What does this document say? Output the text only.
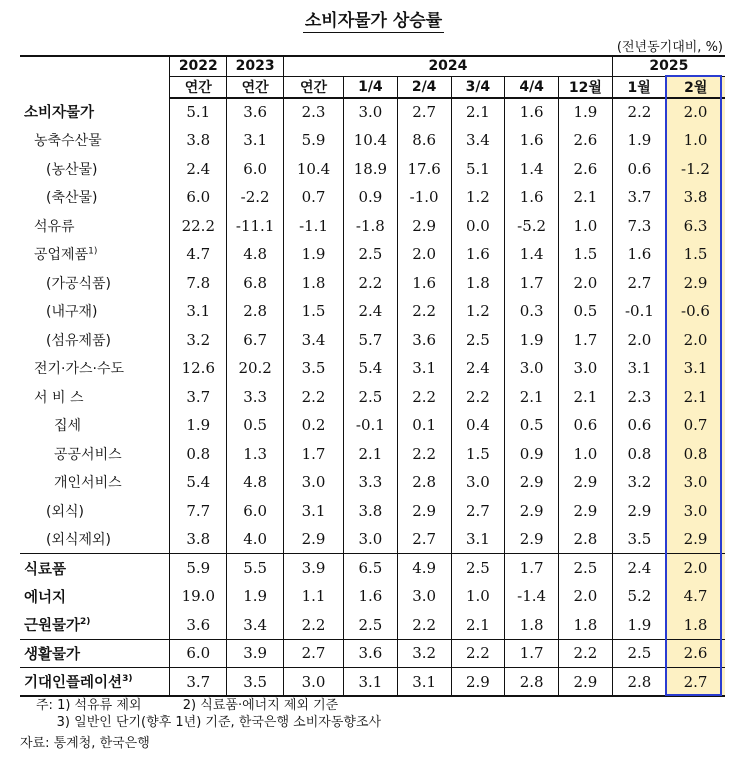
소비자물가 상승률
(전년동기대비, %)
	2022	2023	2024						2025	
	연간	연간	연간	1/4	2/4	3/4	4/4	12월	1월	2월
소비자물가	5.1	3.6	2.3	3.0	2.7	2.1	1.6	1.9	2.2	2.0
농축수산물	3.8	3.1	5.9	10.4	8.6	3.4	1.6	2.6	1.9	1.0
(농산물)	2.4	6.0	10.4	18.9	17.6	5.1	1.4	2.6	0.6	-1.2
(축산물)	6.0	-2.2	0.7	0.9	-1.0	1.2	1.6	2.1	3.7	3.8
석유류	22.2	-11.1	-1.1	-1.8	2.9	0.0	-5.2	1.0	7.3	6.3
공업제품$^{1)}$	4.7	4.8	1.9	2.5	2.0	1.6	1.4	1.5	1.6	1.5
(가공식품)	7.8	6.8	1.8	2.2	1.6	1.8	1.7	2.0	2.7	2.9
(내구재)	3.1	2.8	1.5	2.4	2.2	1.2	0.3	0.5	-0.1	-0.6
(섬유제품)	3.2	6.7	3.4	5.7	3.6	2.5	1.9	1.7	2.0	2.0
전기·가스·수도	12.6	20.2	3.5	5.4	3.1	2.4	3.0	3.0	3.1	3.1
서 비 스	3.7	3.3	2.2	2.5	2.2	2.2	2.1	2.1	2.3	2.1
집세	1.9	0.5	0.2	-0.1	0.1	0.4	0.5	0.6	0.6	0.7
공공서비스	0.8	1.3	1.7	2.1	2.2	1.5	0.9	1.0	0.8	0.8
개인서비스	5.4	4.8	3.0	3.3	2.8	3.0	2.9	2.9	3.2	3.0
(외식)	7.7	6.0	3.1	3.8	2.9	2.7	2.9	2.9	2.9	3.0
(외식제외)	3.8	4.0	2.9	3.0	2.7	3.1	2.9	2.8	3.5	2.9
식료품	5.9	5.5	3.9	6.5	4.9	2.5	1.7	2.5	2.4	2.0
에너지	19.0	1.9	1.1	1.6	3.0	1.0	-1.4	2.0	5.2	4.7
근원물가$^{2)}$	3.6	3.4	2.2	2.5	2.2	2.1	1.8	1.8	1.9	1.8
생활물가	6.0	3.9	2.7	3.6	3.2	2.2	1.7	2.2	2.5	2.6
기대인플레이션$^{3)}$	3.7	3.5	3.0	3.1	3.1	2.9	2.8	2.9	2.8	2.7
주: 1) 석유류 제외          2) 식료품·에너지 제외 기준
3) 일반인 단기(향후 1년) 기준, 한국은행 소비자동향조사
자료: 통계청, 한국은행
